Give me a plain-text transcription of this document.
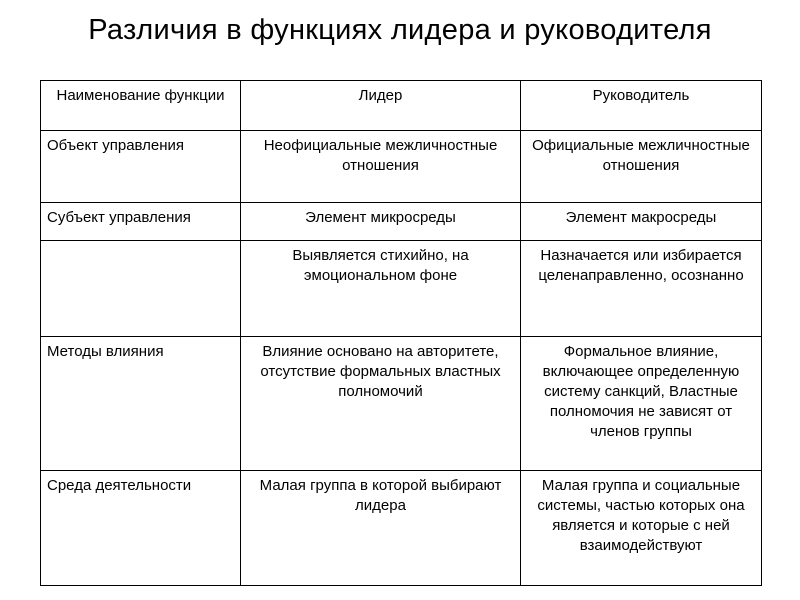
Различия в функциях лидера и руководителя
Наименование функции	Лидер	Руководитель
Объект управления	Неофициальные межличностные отношения	Официальные межличностные отношения
Субъект управления	Элемент микросреды	Элемент макросреды
	Выявляется стихийно, на эмоциональном фоне	Назначается или избирается целенаправленно, осознанно
Методы влияния	Влияние основано на авторитете, отсутствие формальных властных полномочий	Формальное влияние, включающее определенную систему санкций, Властные полномочия не зависят от членов группы
Среда деятельности	Малая группа в которой выбирают лидера	Малая группа и социальные системы, частью которых она является и которые с ней взаимодействуют
